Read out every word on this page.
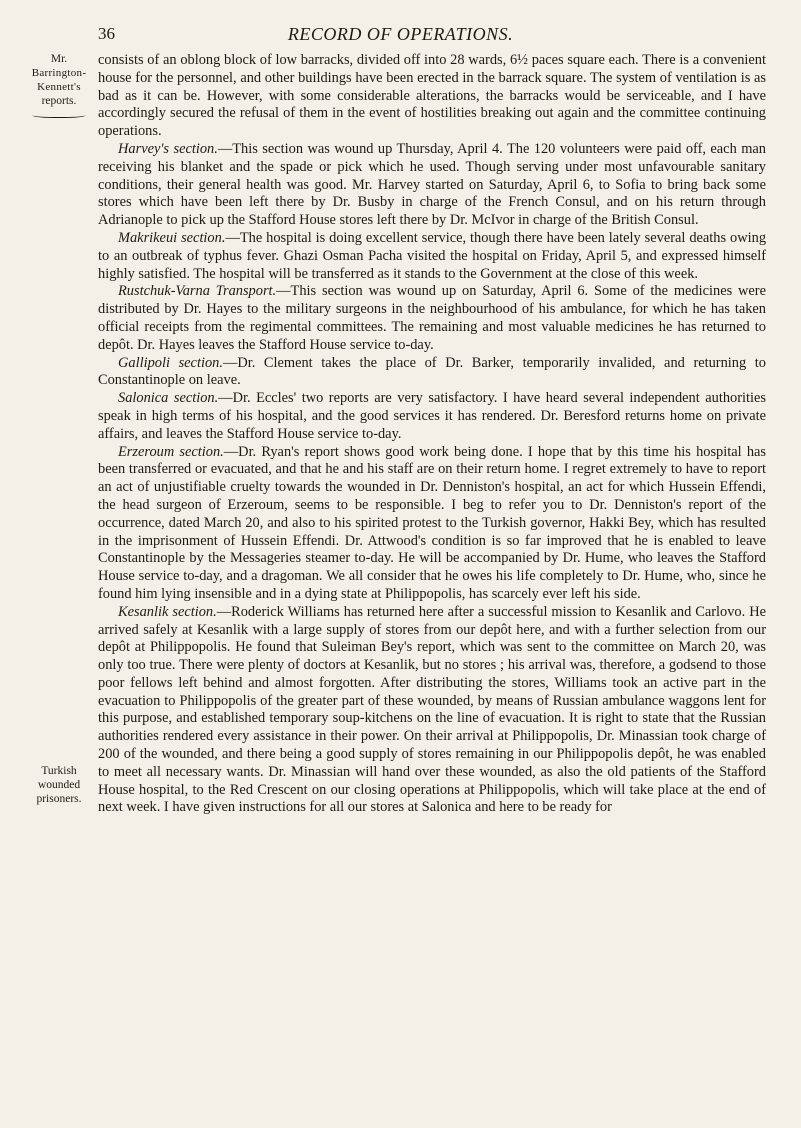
36	RECORD OF OPERATIONS.
Mr.
Barrington-
Kennett's
reports.
Turkish
wounded
prisoners.

consists of an oblong block of low barracks, divided off into 28 wards, 6½ paces square each. There is a convenient house for the personnel, and other buildings have been erected in the barrack square. The system of ventilation is as bad as it can be. However, with some considerable alterations, the barracks would be serviceable, and I have accordingly secured the refusal of them in the event of hostilities breaking out again and the committee continuing operations.

Harvey's section.—This section was wound up Thursday, April 4. The 120 volunteers were paid off, each man receiving his blanket and the spade or pick which he used. Though serving under most unfavourable sanitary conditions, their general health was good. Mr. Harvey started on Saturday, April 6, to Sofia to bring back some stores which have been left there by Dr. Busby in charge of the French Consul, and on his return through Adrianople to pick up the Stafford House stores left there by Dr. McIvor in charge of the British Consul.

Makrikeui section.—The hospital is doing excellent service, though there have been lately several deaths owing to an outbreak of typhus fever. Ghazi Osman Pacha visited the hospital on Friday, April 5, and expressed himself highly satisfied. The hospital will be transferred as it stands to the Government at the close of this week.

Rustchuk-Varna Transport.—This section was wound up on Saturday, April 6. Some of the medicines were distributed by Dr. Hayes to the military surgeons in the neighbourhood of his ambulance, for which he has taken official receipts from the regimental committees. The remaining and most valuable medicines he has returned to depôt. Dr. Hayes leaves the Stafford House service to-day.

Gallipoli section.—Dr. Clement takes the place of Dr. Barker, temporarily invalided, and returning to Constantinople on leave.

Salonica section.—Dr. Eccles' two reports are very satisfactory. I have heard several independent authorities speak in high terms of his hospital, and the good services it has rendered. Dr. Beresford returns home on private affairs, and leaves the Stafford House service to-day.

Erzeroum section.—Dr. Ryan's report shows good work being done. I hope that by this time his hospital has been transferred or evacuated, and that he and his staff are on their return home. I regret extremely to have to report an act of unjustifiable cruelty towards the wounded in Dr. Denniston's hospital, an act for which Hussein Effendi, the head surgeon of Erzeroum, seems to be responsible. I beg to refer you to Dr. Denniston's report of the occurrence, dated March 20, and also to his spirited protest to the Turkish governor, Hakki Bey, which has resulted in the imprisonment of Hussein Effendi. Dr. Attwood's condition is so far improved that he is enabled to leave Constantinople by the Messageries steamer to-day. He will be accompanied by Dr. Hume, who leaves the Stafford House service to-day, and a dragoman. We all consider that he owes his life completely to Dr. Hume, who, since he found him lying insensible and in a dying state at Philippopolis, has scarcely ever left his side.

Kesanlik section.—Roderick Williams has returned here after a successful mission to Kesanlik and Carlovo. He arrived safely at Kesanlik with a large supply of stores from our depôt here, and with a further selection from our depôt at Philippopolis. He found that Suleiman Bey's report, which was sent to the committee on March 20, was only too true. There were plenty of doctors at Kesanlik, but no stores ; his arrival was, therefore, a godsend to those poor fellows left behind and almost forgotten. After distributing the stores, Williams took an active part in the evacuation to Philippopolis of the greater part of these wounded, by means of Russian ambulance waggons lent for this purpose, and established temporary soup-kitchens on the line of evacuation. It is right to state that the Russian authorities rendered every assistance in their power. On their arrival at Philippopolis, Dr. Minassian took charge of 200 of the wounded, and there being a good supply of stores remaining in our Philippopolis depôt, he was enabled to meet all necessary wants. Dr. Minassian will hand over these wounded, as also the old patients of the Stafford House hospital, to the Red Crescent on our closing operations at Philippopolis, which will take place at the end of next week. I have given instructions for all our stores at Salonica and here to be ready for
